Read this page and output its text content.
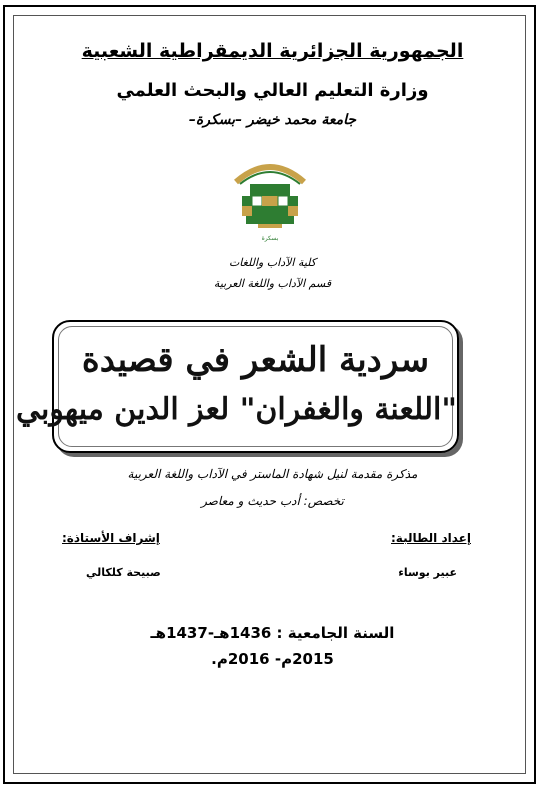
الجمهورية الجزائرية الديمقراطية الشعبية
وزارة التعليم العالي والبحث العلمي
جامعة محمد خيضر –بسكرة–
بسكرة
كلية الآداب واللغات
قسم الآداب واللغة العربية
سردية الشعر في قصيدة
"اللعنة والغفران" لعز الدين ميهوبي
مذكرة مقدمة لنيل شهادة الماستر في الآداب واللغة العربية
تخصص: أدب حديث و معاصر
إعداد الطالبة:
إشراف الأستاذة:
عبير بوساء
صبيحة كلكالي
السنة الجامعية : 1436هـ-1437هـ
2015م- 2016م.
